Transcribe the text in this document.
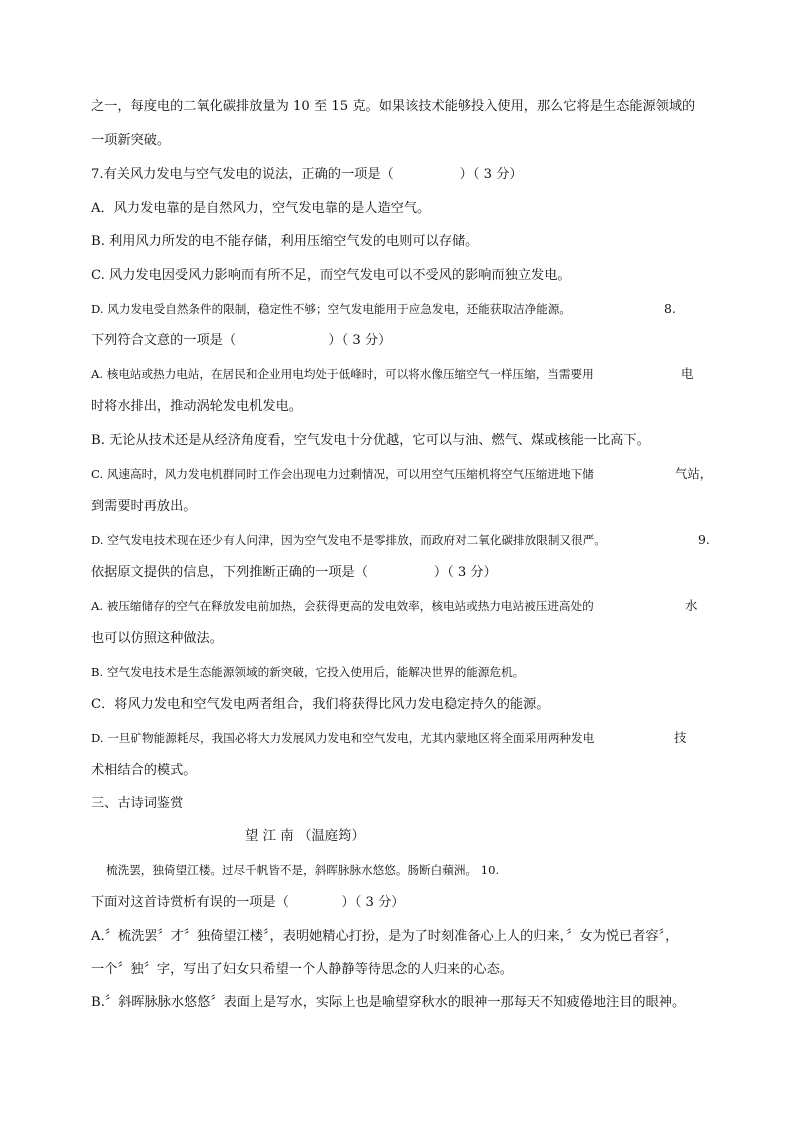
之一，每度电的二氧化碳排放量为 10 至 15 克。如果该技术能够投入使用，那么它将是生态能源领域的
一项新突破。
7.有关风力发电与空气发电的说法，正确的一项是（　　　　　）（ 3 分）
A．风力发电靠的是自然风力，空气发电靠的是人造空气。
B. 利用风力所发的电不能存储，利用压缩空气发的电则可以存储。
C. 风力发电因受风力影响而有所不足，而空气发电可以不受风的影响而独立发电。
D. 风力发电受自然条件的限制，稳定性不够；空气发电能用于应急发电，还能获取洁净能源。	8.
下列符合文意的一项是（　　　　　　　）（ 3 分）
A. 核电站或热力电站，在居民和企业用电均处于低峰时，可以将水像压缩空气一样压缩，当需要用	电
时将水排出，推动涡轮发电机发电。
B. 无论从技术还是从经济角度看，空气发电十分优越，它可以与油、燃气、煤或核能一比高下。
C. 风速高时，风力发电机群同时工作会出现电力过剩情况，可以用空气压缩机将空气压缩进地下储	气站，
到需要时再放出。
D. 空气发电技术现在还少有人问津，因为空气发电不是零排放，而政府对二氧化碳排放限制又很严。	9.
依据原文提供的信息，下列推断正确的一项是（　　　　　）（ 3 分）
A. 被压缩储存的空气在释放发电前加热，会获得更高的发电效率，核电站或热力电站被压进高处的	水
也可以仿照这种做法。
B. 空气发电技术是生态能源领域的新突破，它投入使用后，能解决世界的能源危机。
C．将风力发电和空气发电两者组合，我们将获得比风力发电稳定持久的能源。
D. 一旦矿物能源耗尽，我国必将大力发展风力发电和空气发电，尤其内蒙地区将全面采用两种发电	技
术相结合的模式。
三、古诗词鉴赏
望 江 南 （温庭筠）
梳洗罢，独倚望江楼。过尽千帆皆不是，斜晖脉脉水悠悠。肠断白蘋洲。 10.
下面对这首诗赏析有误的一项是（　　　　）（ 3 分）
A.〞梳洗罢〞才〞独倚望江楼〞，表明她精心打扮，是为了时刻准备心上人的归来，〞女为悦已者容〞，
一个〞独〞字，写出了妇女只希望一个人静静等待思念的人归来的心态。
B.〞斜晖脉脉水悠悠〞表面上是写水，实际上也是喻望穿秋水的眼神一那每天不知疲倦地注目的眼神。
